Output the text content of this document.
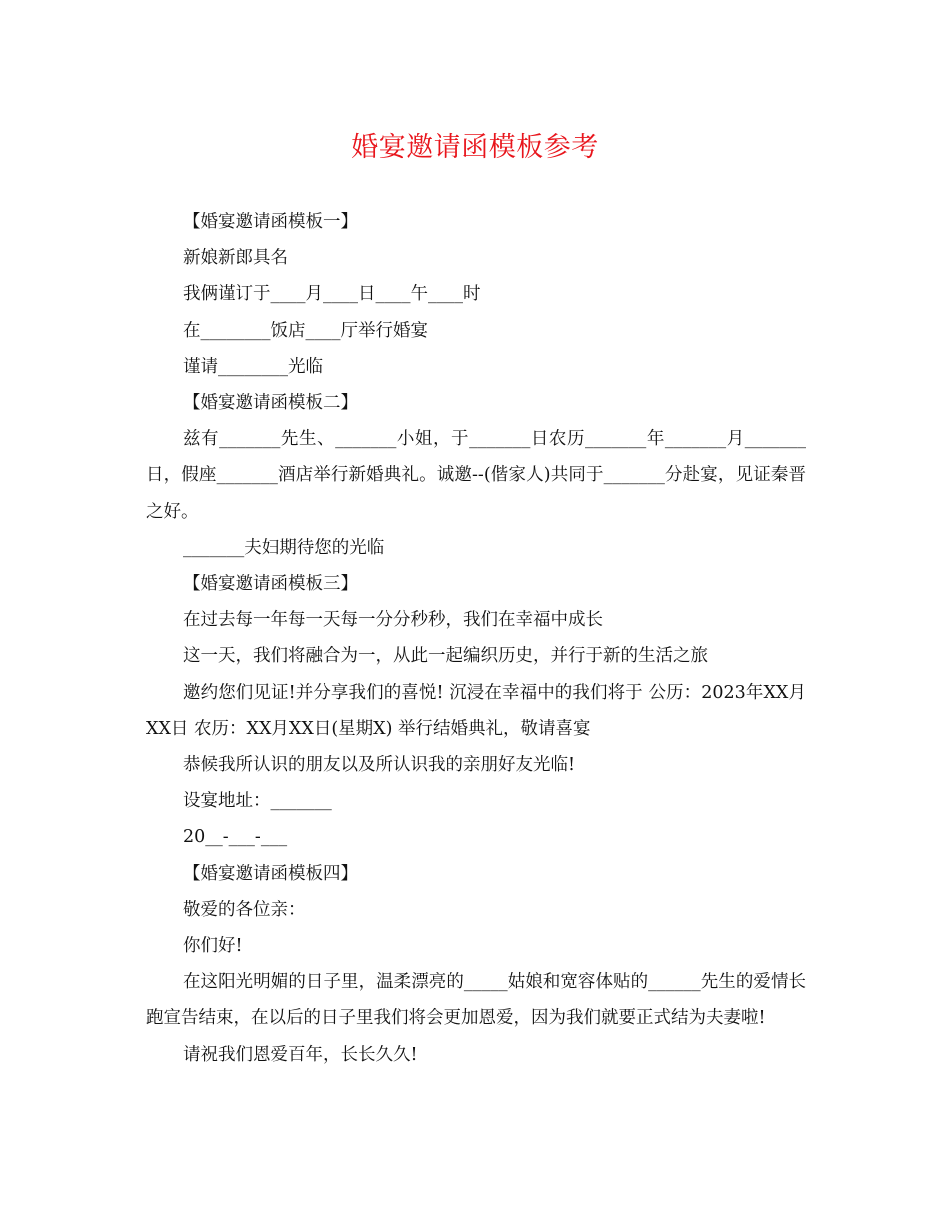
婚宴邀请函模板参考

【婚宴邀请函模板一】

新娘新郎具名

我俩谨订于____月____日____午____时

在________饭店____厅举行婚宴

谨请________光临

【婚宴邀请函模板二】

兹有_______先生、_______小姐，于_______日农历_______年_______月_______日，假座_______酒店举行新婚典礼。诚邀--(偕家人)共同于_______分赴宴，见证秦晋之好。

_______夫妇期待您的光临

【婚宴邀请函模板三】

在过去每一年每一天每一分分秒秒，我们在幸福中成长

这一天，我们将融合为一，从此一起编织历史，并行于新的生活之旅

邀约您们见证!并分享我们的喜悦! 沉浸在幸福中的我们将于 公历：2023年XX月XX日 农历：XX月XX日(星期X) 举行结婚典礼，敬请喜宴

恭候我所认识的朋友以及所认识我的亲朋好友光临!

设宴地址：_______

20__-___-___

【婚宴邀请函模板四】

敬爱的各位亲：

你们好!

在这阳光明媚的日子里，温柔漂亮的_____姑娘和宽容体贴的______先生的爱情长跑宣告结束，在以后的日子里我们将会更加恩爱，因为我们就要正式结为夫妻啦!

请祝我们恩爱百年，长长久久!
